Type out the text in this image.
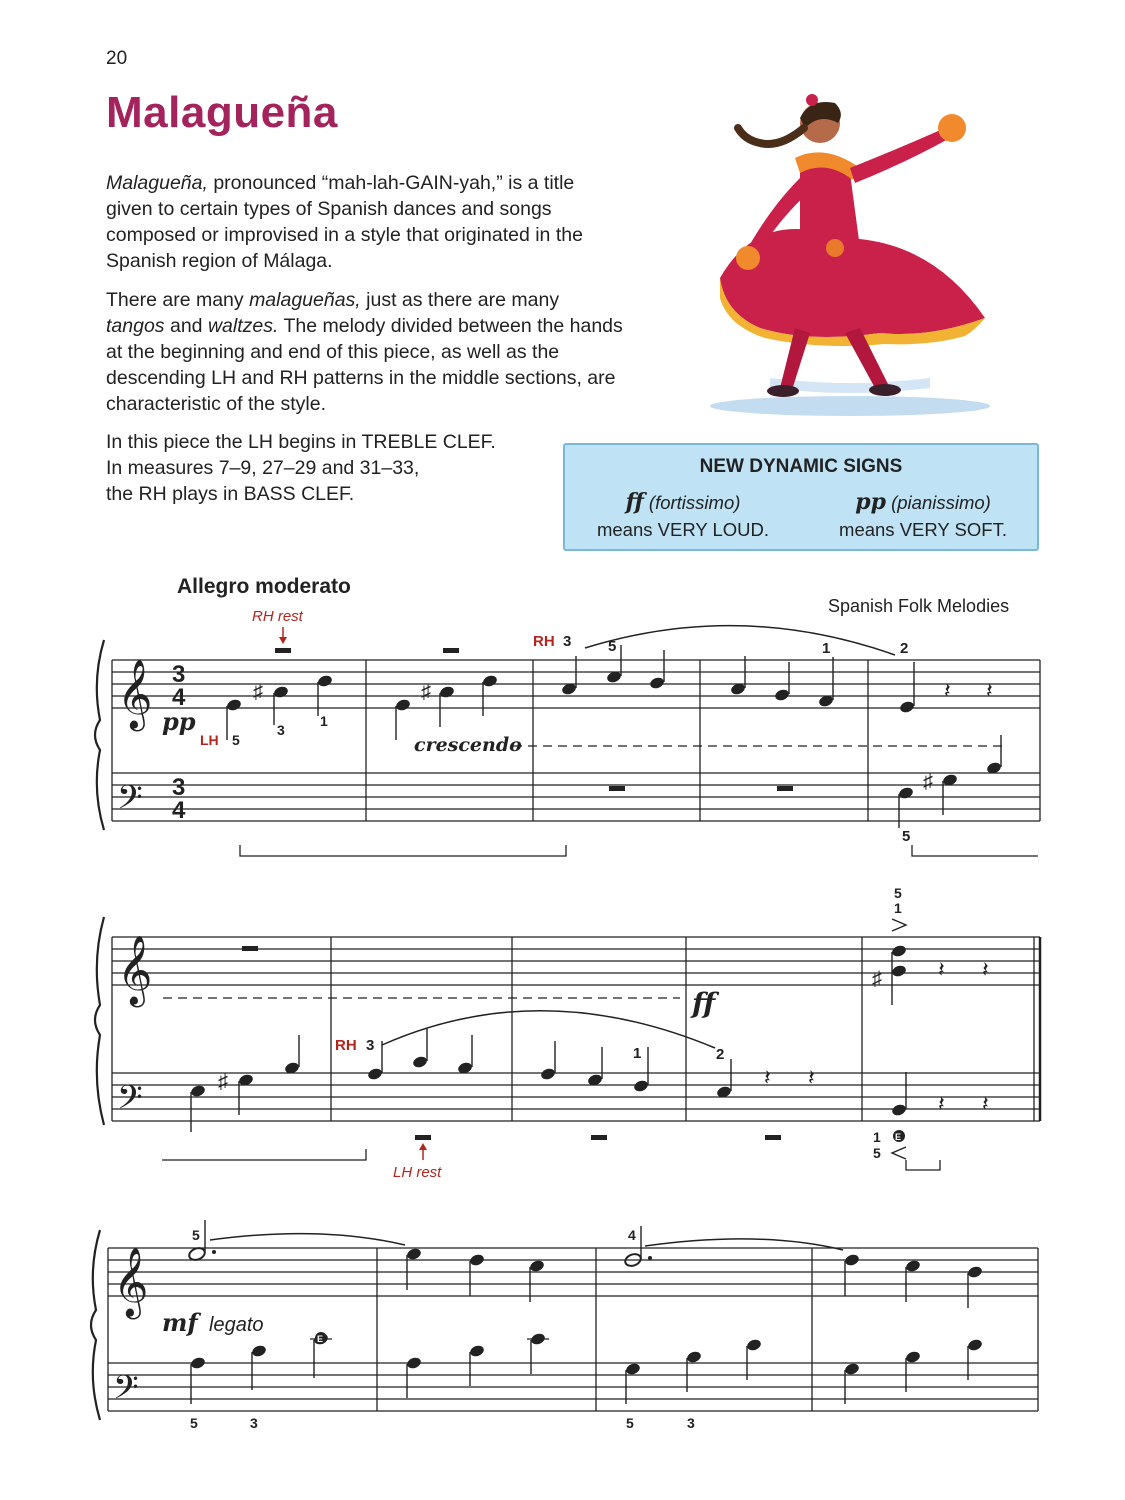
20
Malagueña

Malagueña, pronounced “mah-lah-GAIN-yah,” is a title given to certain types of Spanish dances and songs composed or improvised in a style that originated in the Spanish region of Málaga.

There are many malagueñas, just as there are many
tangos and waltzes. The melody divided between the hands at the beginning and end of this piece, as well as the descending LH and RH patterns in the middle sections, are characteristic of the style.

In this piece the LH begins in TREBLE CLEF.
In measures 7–9, 27–29 and 31–33,
the RH plays in BASS CLEF.

NEW DYNAMIC SIGNS
ff (fortissimo)
means VERY LOUD.
pp (pianissimo)
means VERY SOFT.
Allegro moderato
Spanish Folk Melodies
𝄞
𝄢
3
4
3
4
RH rest
♯
pp
LH 5
3
1
♯
crescendo
RH 3 5	1	2
𝄽 𝄽
♯
5
𝄞
𝄢
ff
♯
RH 3
LH rest
1	2
𝄽 𝄽
5
1
♯	𝄽 𝄽
𝄽 𝄽
1 E
5
𝄞
𝄢
5	4
mf legato
E
5	3	5	3
